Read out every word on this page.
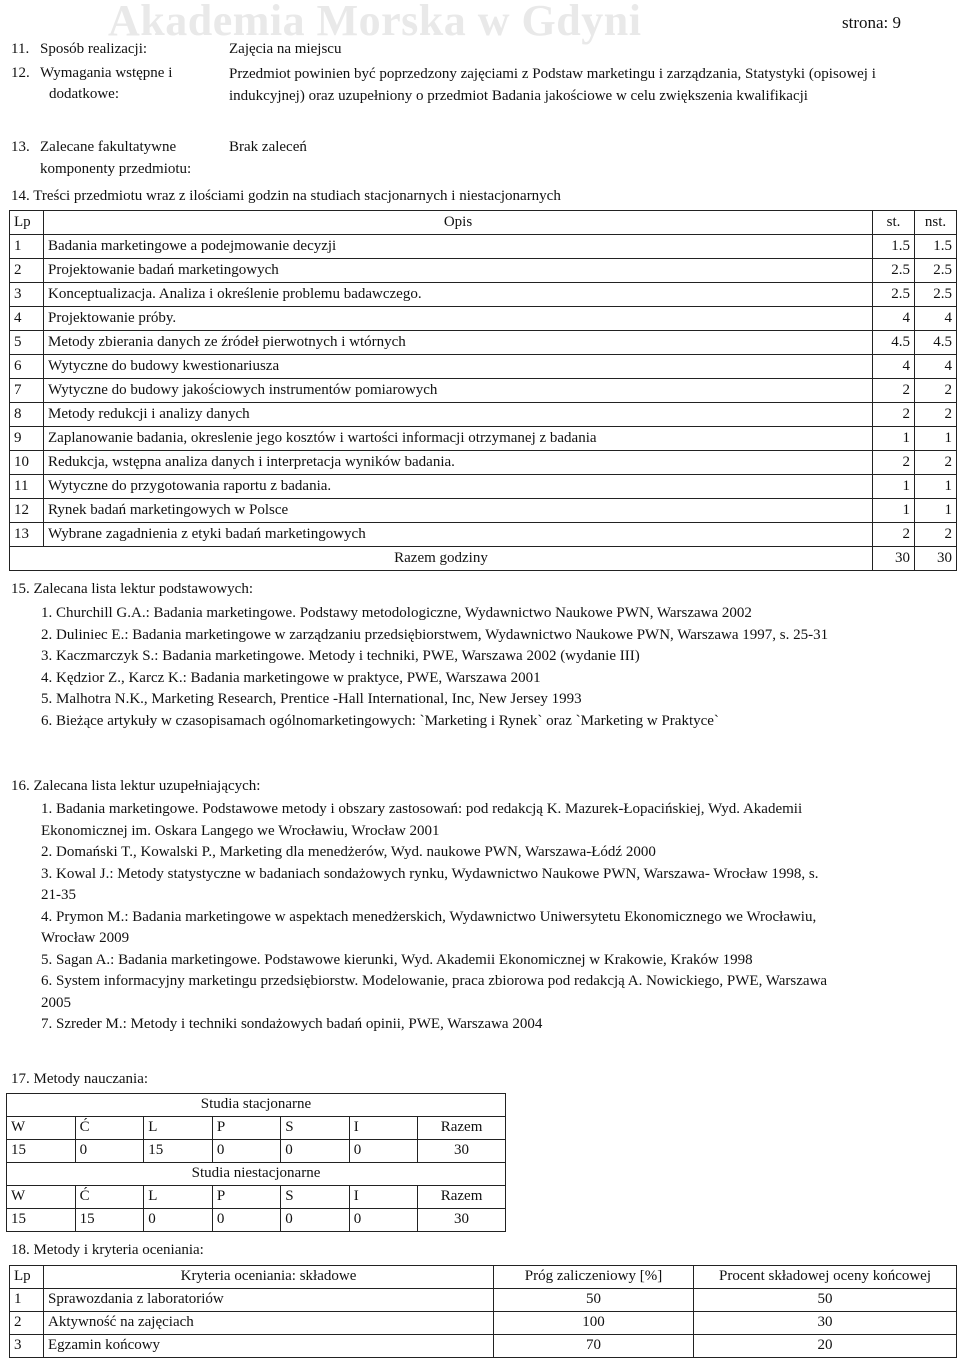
Akademia Morska w Gdyni	strona: 9
11. Sposób realizacji:	Zajęcia na miejscu
12. Wymagania wstępne i
dodatkowe:
Przedmiot powinien być poprzedzony zajęciami z Podstaw marketingu i zarządzania, Statystyki (opisowej i indukcyjnej) oraz uzupełniony o przedmiot Badania jakościowe w celu zwiększenia kwalifikacji
13. Zalecane fakultatywne
komponenty przedmiotu:
Brak zaleceń
14. Treści przedmiotu wraz z ilościami godzin na studiach stacjonarnych i niestacjonarnych
Lp	Opis	st.	nst.
1	Badania marketingowe a podejmowanie decyzji	1.5	1.5
2	Projektowanie badań marketingowych	2.5	2.5
3	Konceptualizacja. Analiza i określenie problemu badawczego.	2.5	2.5
4	Projektowanie próby.	4	4
5	Metody zbierania danych ze źródeł pierwotnych i wtórnych	4.5	4.5
6	Wytyczne do budowy kwestionariusza	4	4
7	Wytyczne do budowy jakościowych instrumentów pomiarowych	2	2
8	Metody redukcji i analizy danych	2	2
9	Zaplanowanie badania, okreslenie jego kosztów i wartości informacji otrzymanej z badania	1	1
10	Redukcja, wstępna analiza danych i interpretacja wyników badania.	2	2
11	Wytyczne do przygotowania raportu z badania.	1	1
12	Rynek badań marketingowych w Polsce	1	1
13	Wybrane zagadnienia z etyki badań marketingowych	2	2
Razem godziny		30	30
15. Zalecana lista lektur podstawowych:
1. Churchill G.A.: Badania marketingowe. Podstawy metodologiczne, Wydawnictwo Naukowe PWN, Warszawa 2002
2. Duliniec E.: Badania marketingowe w zarządzaniu przedsiębiorstwem, Wydawnictwo Naukowe PWN, Warszawa 1997, s. 25-31
3. Kaczmarczyk S.: Badania marketingowe. Metody i techniki, PWE, Warszawa 2002 (wydanie III)
4. Kędzior Z., Karcz K.: Badania marketingowe w praktyce, PWE, Warszawa 2001
5. Malhotra N.K., Marketing Research, Prentice -Hall International, Inc, New Jersey 1993
6. Bieżące artykuły w czasopisamach ogólnomarketingowych: `Marketing i Rynek` oraz `Marketing w Praktyce`
16. Zalecana lista lektur uzupełniających:
1. Badania marketingowe. Podstawowe metody i obszary zastosowań: pod redakcją K. Mazurek-Łopacińskiej, Wyd. Akademii
Ekonomicznej im. Oskara Langego we Wrocławiu, Wrocław 2001
2. Domański T., Kowalski P., Marketing dla menedżerów, Wyd. naukowe PWN, Warszawa-Łódź 2000
3. Kowal J.: Metody statystyczne w badaniach sondażowych rynku, Wydawnictwo Naukowe PWN, Warszawa- Wrocław 1998, s.
21-35
4. Prymon M.: Badania marketingowe w aspektach menedżerskich, Wydawnictwo Uniwersytetu Ekonomicznego we Wrocławiu,
Wrocław 2009
5. Sagan A.: Badania marketingowe. Podstawowe kierunki, Wyd. Akademii Ekonomicznej w Krakowie, Kraków 1998
6. System informacyjny marketingu przedsiębiorstw. Modelowanie, praca zbiorowa pod redakcją A. Nowickiego, PWE, Warszawa
2005
7. Szreder M.: Metody i techniki sondażowych badań opinii, PWE, Warszawa 2004
17. Metody nauczania:
Studia stacjonarne						
W	Ć	L	P	S	I	Razem
15	0	15	0	0	0	30
Studia niestacjonarne						
W	Ć	L	P	S	I	Razem
15	15	0	0	0	0	30
18. Metody i kryteria oceniania:
Lp	Kryteria oceniania: składowe	Próg zaliczeniowy [%]	Procent składowej oceny końcowej
1	Sprawozdania z laboratoriów	50	50
2	Aktywność na zajęciach	100	30
3	Egzamin końcowy	70	20
